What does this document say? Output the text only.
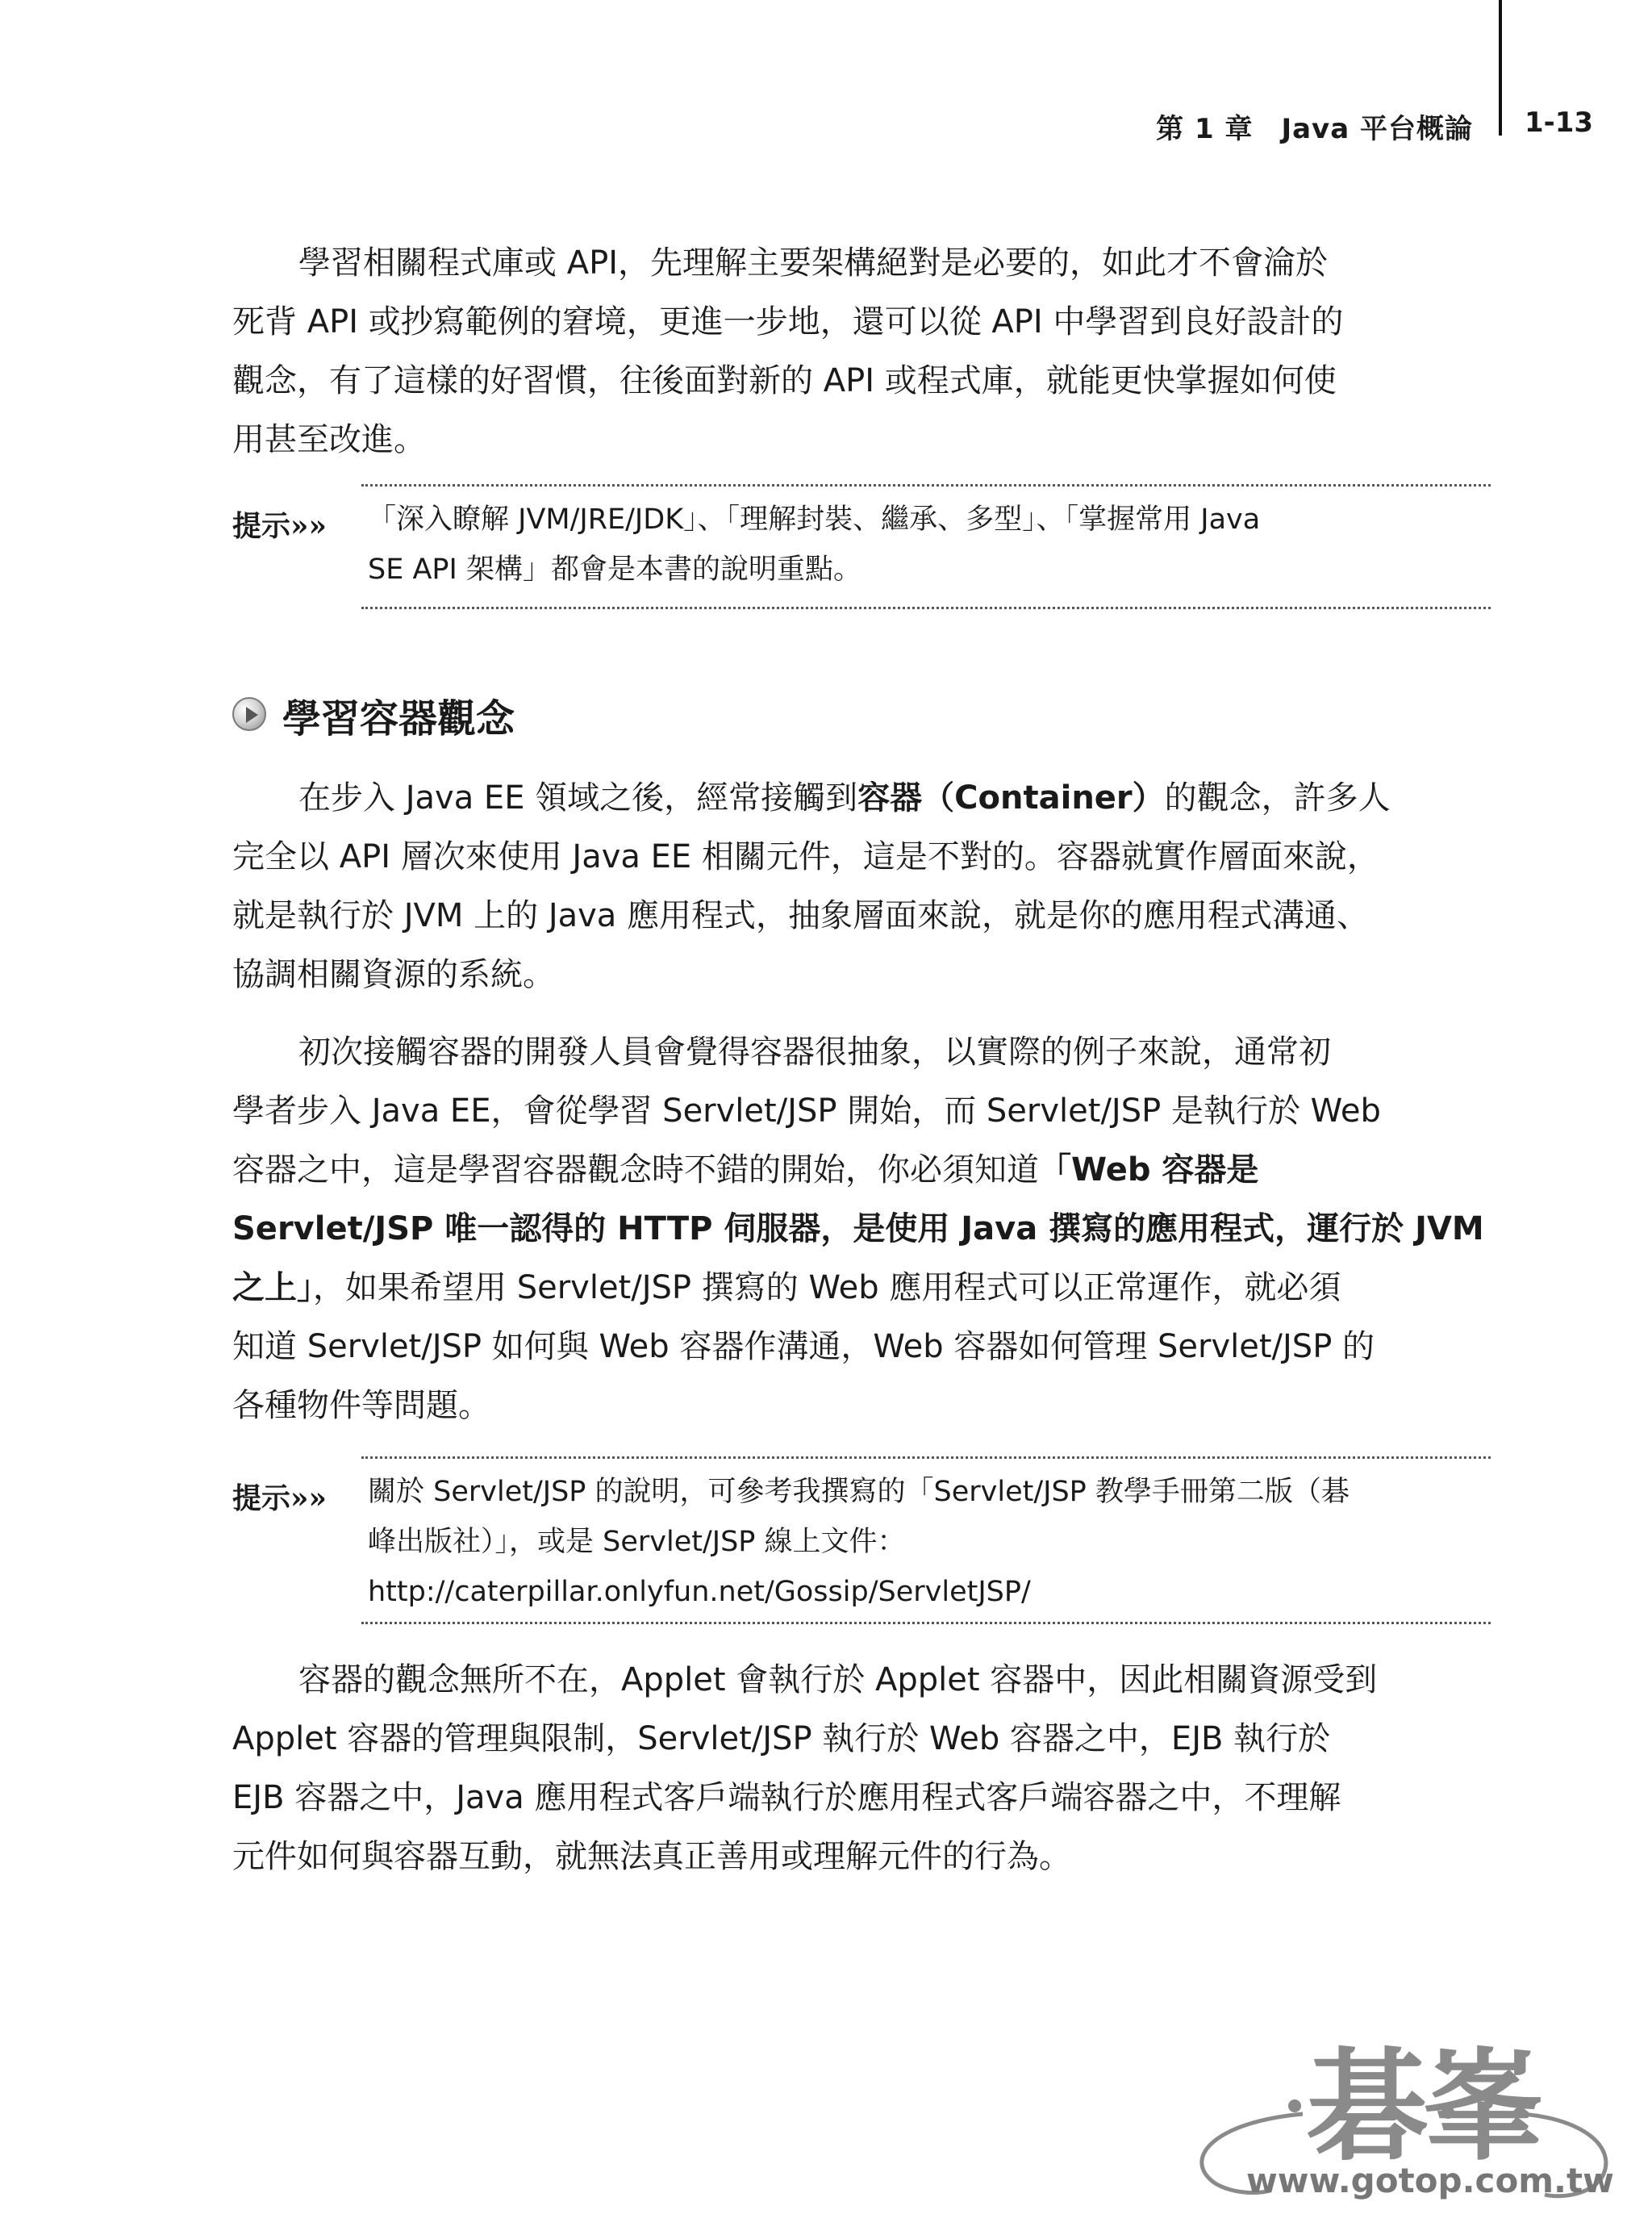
第 1 章　Java 平台概論 1-13

學習相關程式庫或 API，先理解主要架構絕對是必要的，如此才不會淪於
死背 API 或抄寫範例的窘境，更進一步地，還可以從 API 中學習到良好設計的
觀念，有了這樣的好習慣，往後面對新的 API 或程式庫，就能更快掌握如何使
用甚至改進。

提示»» 「深入瞭解 JVM/JRE/JDK」、「理解封裝、繼承、多型」、「掌握常用 Java
SE API 架構」都會是本書的說明重點。
學習容器觀念

在步入 Java EE 領域之後，經常接觸到容器（Container）的觀念，許多人
完全以 API 層次來使用 Java EE 相關元件，這是不對的。容器就實作層面來說，
就是執行於 JVM 上的 Java 應用程式，抽象層面來說，就是你的應用程式溝通、
協調相關資源的系統。

初次接觸容器的開發人員會覺得容器很抽象，以實際的例子來說，通常初
學者步入 Java EE，會從學習 Servlet/JSP 開始，而 Servlet/JSP 是執行於 Web
容器之中，這是學習容器觀念時不錯的開始，你必須知道「Web 容器是
Servlet/JSP 唯一認得的 HTTP 伺服器，是使用 Java 撰寫的應用程式，運行於 JVM
之上」，如果希望用 Servlet/JSP 撰寫的 Web 應用程式可以正常運作，就必須
知道 Servlet/JSP 如何與 Web 容器作溝通，Web 容器如何管理 Servlet/JSP 的
各種物件等問題。

提示»» 關於 Servlet/JSP 的說明，可參考我撰寫的「Servlet/JSP 教學手冊第二版（碁
峰出版社）」，或是 Servlet/JSP 線上文件：
http://caterpillar.onlyfun.net/Gossip/ServletJSP/

容器的觀念無所不在，Applet 會執行於 Applet 容器中，因此相關資源受到
Applet 容器的管理與限制，Servlet/JSP 執行於 Web 容器之中，EJB 執行於
EJB 容器之中，Java 應用程式客戶端執行於應用程式客戶端容器之中，不理解
元件如何與容器互動，就無法真正善用或理解元件的行為。

碁峯
www.gotop.com.tw
